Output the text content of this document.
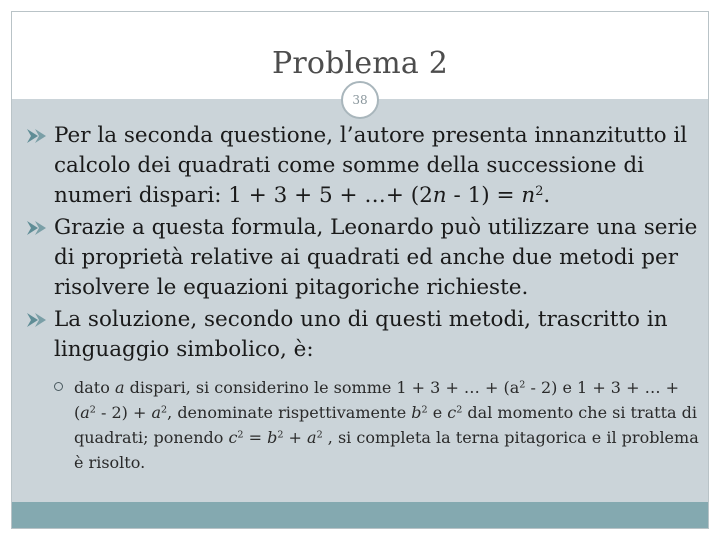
Problema 2
38
Per la seconda questione, l’autore presenta innanzitutto il calcolo dei quadrati come somme della successione di numeri dispari: 1 + 3 + 5 + …+ $(2n - 1) = n^2$.
Grazie a questa formula, Leonardo può utilizzare una serie di proprietà relative ai quadrati ed anche due metodi per risolvere le equazioni pitagoriche richieste.
La soluzione, secondo uno di questi metodi, trascritto in linguaggio simbolico, è:
dato a dispari, si considerino le somme 1 + 3 + … + $(a^2 - 2)$ e 1 + 3 + … + $(a^2 - 2) + a^2$, denominate rispettivamente $b^2$ e $c^2$ dal momento che si tratta di quadrati; ponendo $c^2 = b^2 + a^2$ , si completa la terna pitagorica e il problema è risolto.
